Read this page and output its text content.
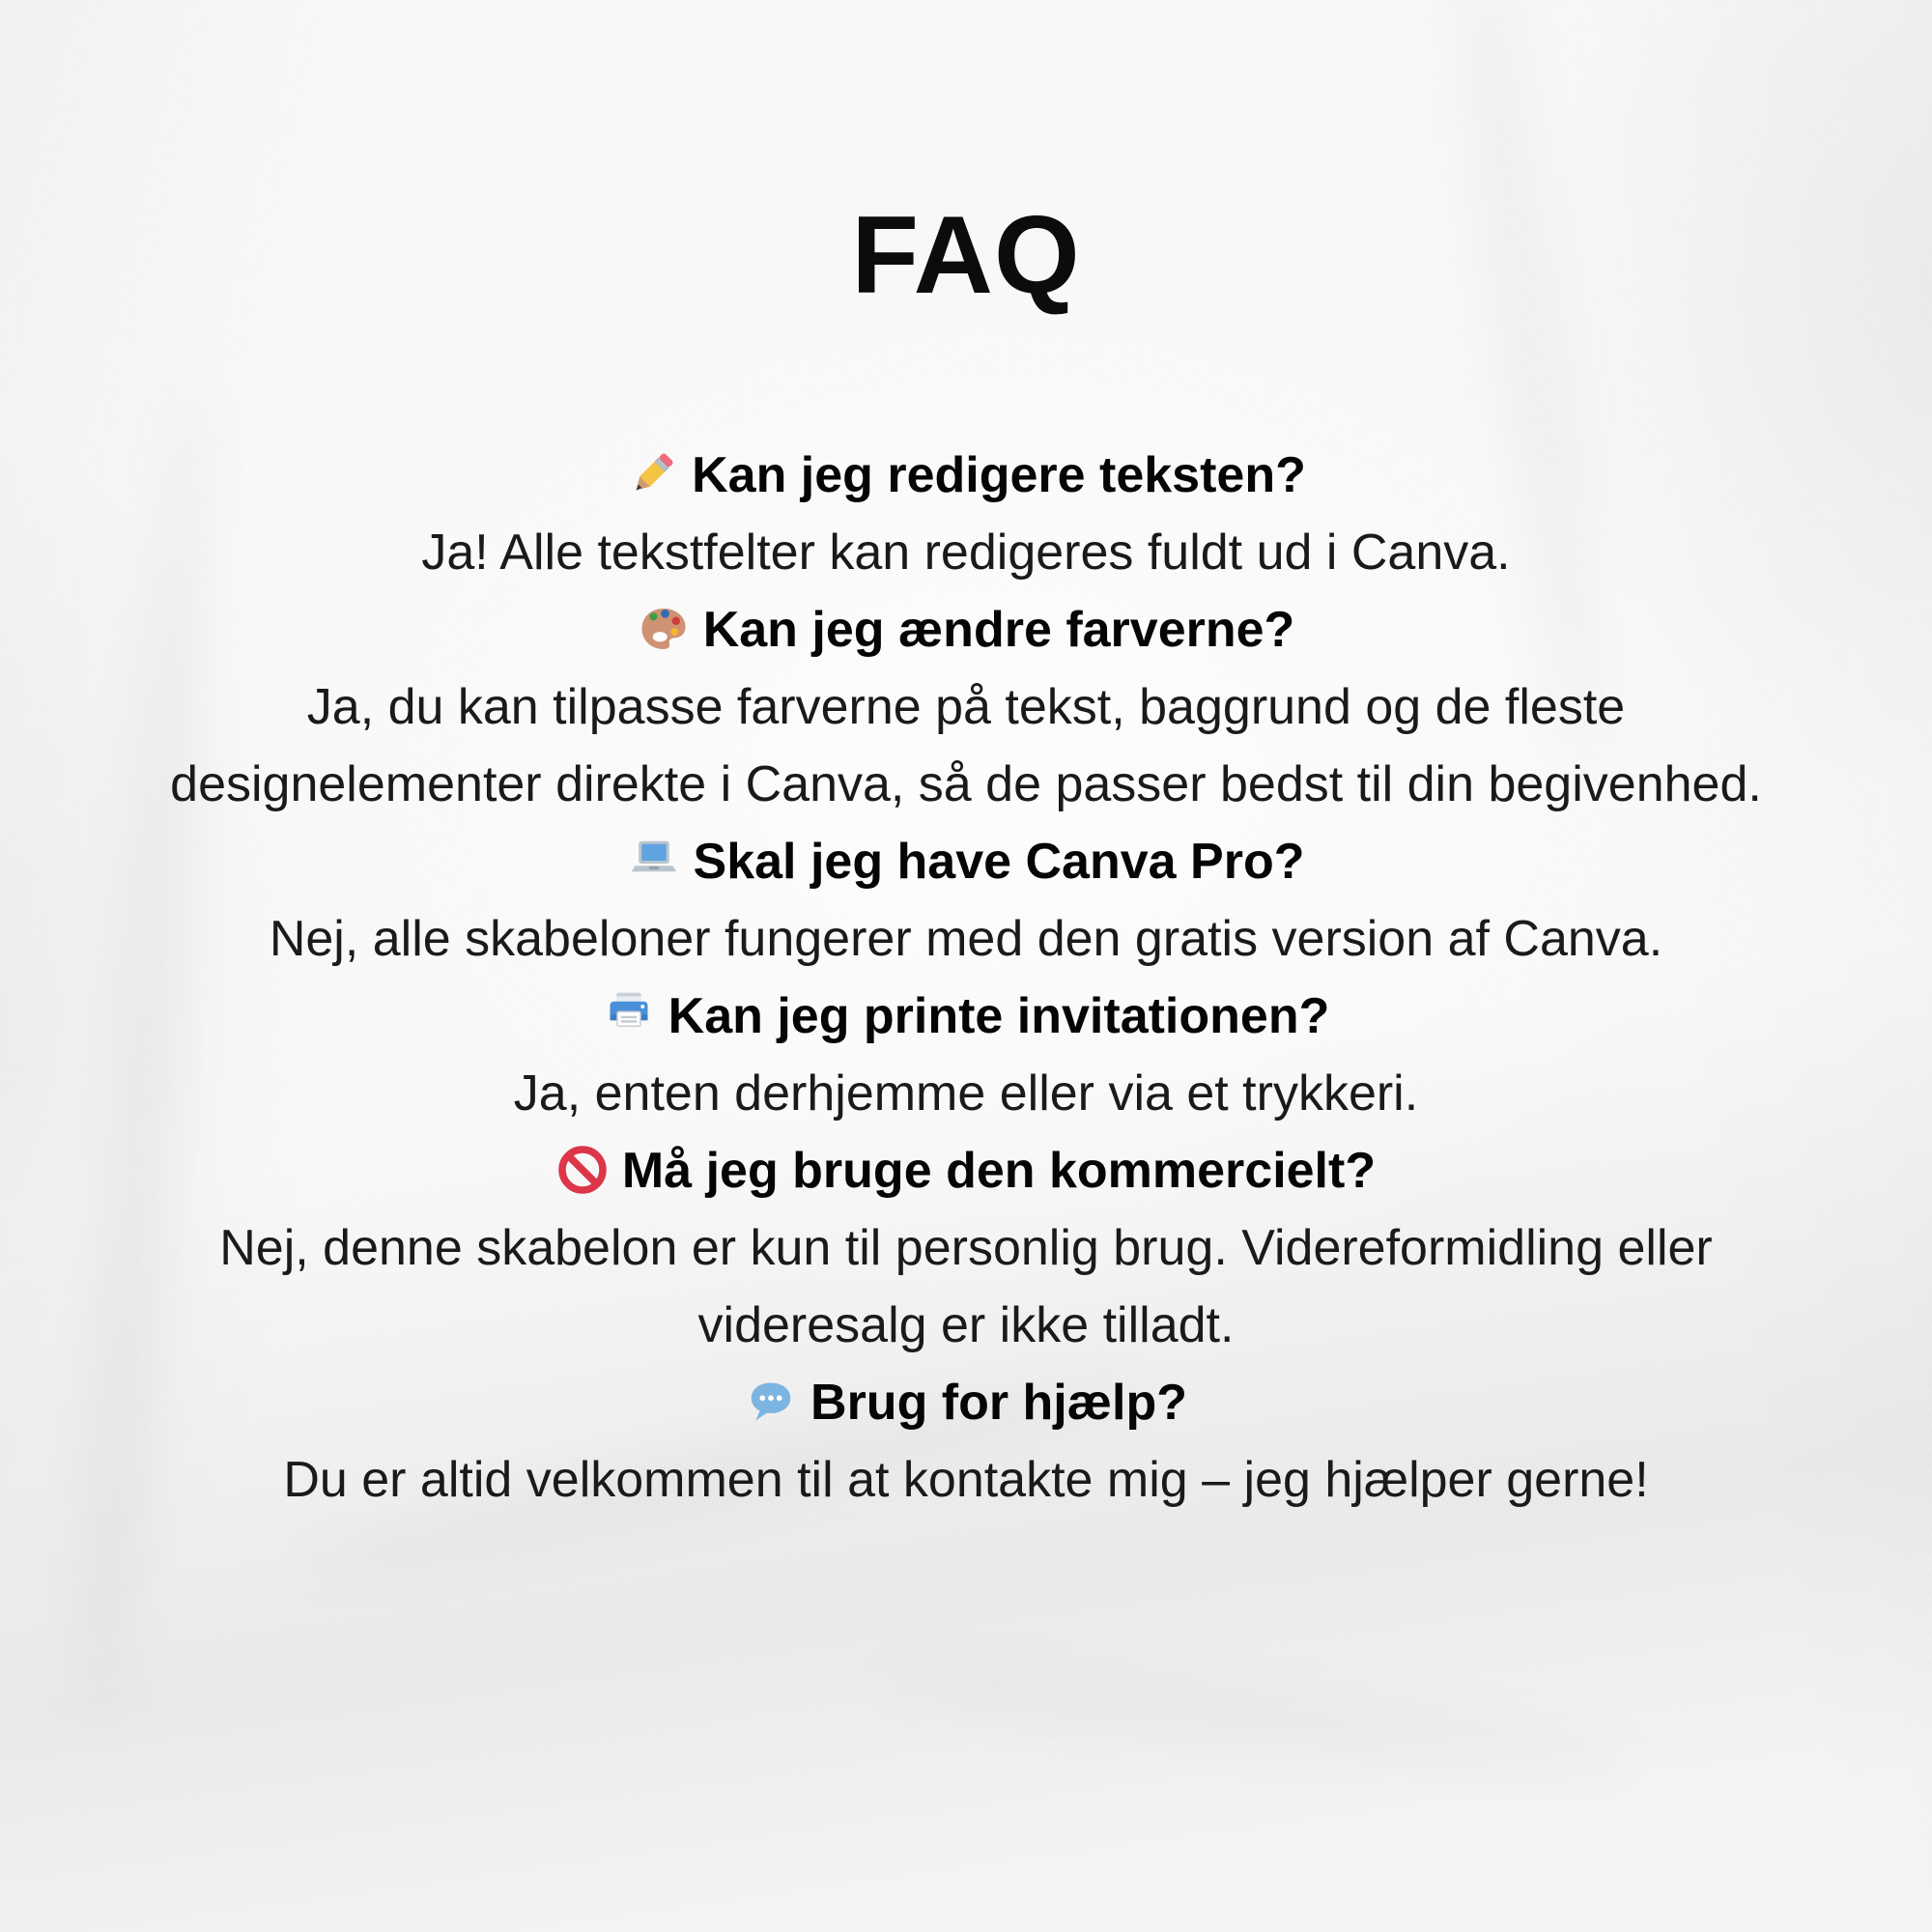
FAQ
Kan jeg redigere teksten?
Ja! Alle tekstfelter kan redigeres fuldt ud i Canva.
Kan jeg ændre farverne?
Ja, du kan tilpasse farverne på tekst, baggrund og de fleste designelementer direkte i Canva, så de passer bedst til din begivenhed.
Skal jeg have Canva Pro?
Nej, alle skabeloner fungerer med den gratis version af Canva.
Kan jeg printe invitationen?
Ja, enten derhjemme eller via et trykkeri.
Må jeg bruge den kommercielt?
Nej, denne skabelon er kun til personlig brug. Videreformidling eller videresalg er ikke tilladt.
Brug for hjælp?
Du er altid velkommen til at kontakte mig – jeg hjælper gerne!
